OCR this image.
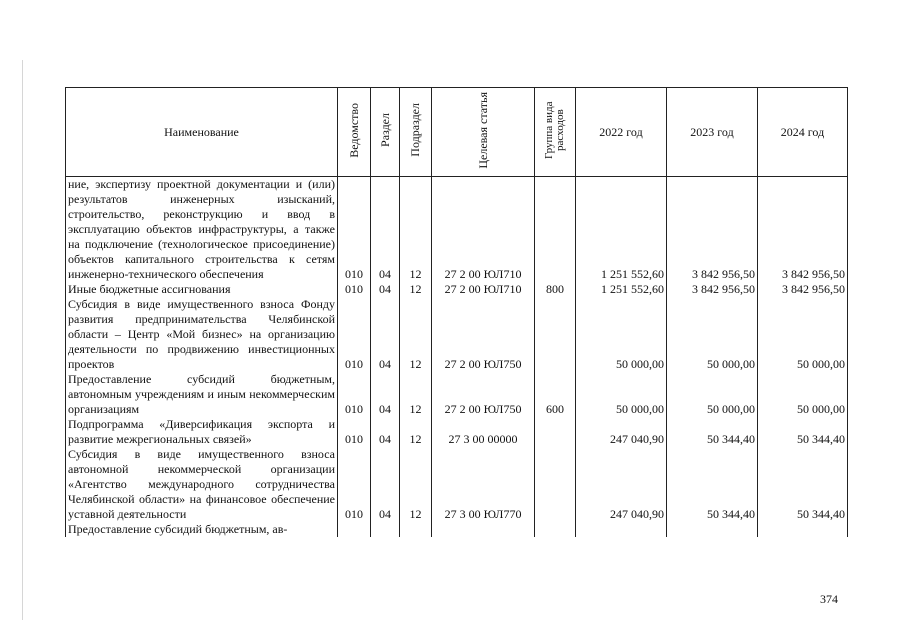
Наименование	Ведомство	Раздел	Подраздел	Целевая статья	Группа вида расходов	2022 год	2023 год	2024 год
ние, экспертизу проектной документации и (или) результатов инженерных изысканий, строительство, реконструкцию и ввод в эксплуатацию объектов инфраструктуры, а также на подключение (технологическое присоединение) объектов капитального строительства к сетям инженерно-технического обеспечения	010	04	12	27 2 00 ЮЛ710		1 251 552,60	3 842 956,50	3 842 956,50
Иные бюджетные ассигнования	010	04	12	27 2 00 ЮЛ710	800	1 251 552,60	3 842 956,50	3 842 956,50
Субсидия в виде имущественного взноса Фонду развития предпринимательства Челябинской области – Центр «Мой бизнес» на организацию деятельности по продвижению инвестиционных проектов	010	04	12	27 2 00 ЮЛ750		50 000,00	50 000,00	50 000,00
Предоставление субсидий бюджетным, автономным учреждениям и иным некоммерческим организациям	010	04	12	27 2 00 ЮЛ750	600	50 000,00	50 000,00	50 000,00
Подпрограмма «Диверсификация экспорта и развитие межрегиональных связей»	010	04	12	27 3 00 00000		247 040,90	50 344,40	50 344,40
Субсидия в виде имущественного взноса автономной некоммерческой организации «Агентство международного сотрудничества Челябинской области» на финансовое обеспечение уставной деятельности	010	04	12	27 3 00 ЮЛ770		247 040,90	50 344,40	50 344,40
Предоставление субсидий бюджетным, ав-								
374
